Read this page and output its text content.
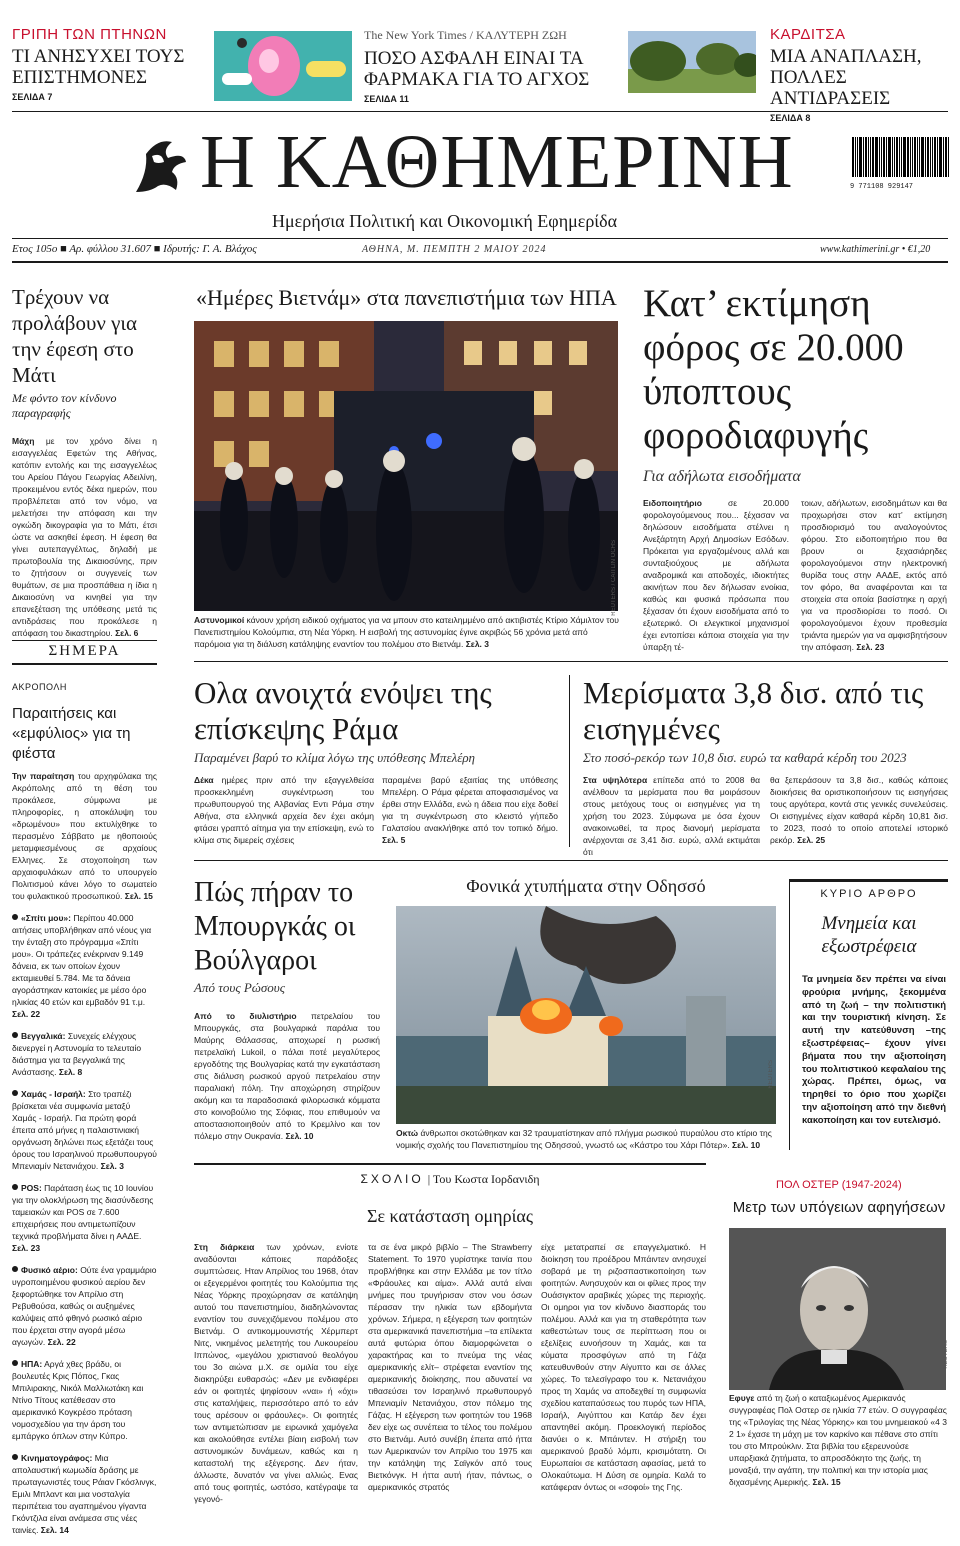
ΓΡΙΠΗ ΤΩΝ ΠΤΗΝΩΝ
ΤΙ ΑΝΗΣΥΧΕΙ ΤΟΥΣ ΕΠΙΣΤΗΜΟΝΕΣ
ΣΕΛΙΔΑ 7
The New York Times / ΚΑΛΥΤΕΡΗ ΖΩΗ
ΠΟΣΟ ΑΣΦΑΛΗ ΕΙΝΑΙ ΤΑ ΦΑΡΜΑΚΑ ΓΙΑ ΤΟ ΑΓΧΟΣ
ΣΕΛΙΔΑ 11
ΚΑΡΔΙΤΣΑ
ΜΙΑ ΑΝΑΠΛΑΣΗ, ΠΟΛΛΕΣ ΑΝΤΙΔΡΑΣΕΙΣ
ΣΕΛΙΔΑ 8
Η ΚΑΘΗΜΕΡΙΝΗ
Ημερήσια Πολιτική και Οικονομική Εφημερίδα
9 771108 929147
Ετος 105ο ■ Αρ. φύλλου 31.607 ■ Ιδρυτής: Γ. Α. Βλάχος	ΑΘΗΝΑ, Μ. ΠΕΜΠΤΗ 2 ΜΑΙΟΥ 2024	www.kathimerini.gr • €1,20
Τρέχουν να προλάβουν για την έφεση στο Μάτι
Με φόντο τον κίνδυνο παραγραφής
Μάχη με τον χρόνο δίνει η εισαγγελέας Εφετών της Αθήνας, κατόπιν εντολής και της εισαγγελέως του Αρείου Πάγου Γεωργίας Αδειλίνη, προκειμένου εντός δέκα ημερών, που προβλέπεται από τον νόμο, να μελετήσει την απόφαση και την ογκώδη δικογραφία για το Μάτι, έτσι ώστε να ασκηθεί έφεση. Η έφεση θα γίνει αυτεπαγγέλτως, δηλαδή με πρωτοβουλία της Δικαιοσύνης, πριν το ζητήσουν οι συγγενείς των θυμάτων, σε μια προσπάθεια η ίδια η Δικαιοσύνη να κινηθεί για την επανεξέταση της υπόθεσης μετά τις αντιδράσεις που προκάλεσε η απόφαση του δικαστηρίου. Σελ. 6
ΣΗΜΕΡΑ
ΑΚΡΟΠΟΛΗ
Παραιτήσεις και «εμφύλιος» για τη φιέστα
Την παραίτηση του αρχηφύλακα της Ακρόπολης από τη θέση του προκάλεσε, σύμφωνα με πληροφορίες, η αποκάλυψη του «δρωμένου» που εκτυλίχθηκε το περασμένο Σάββατο με ηθοποιούς μεταμφιεσμένους σε αρχαίους Ελληνες. Σε στοχοποίηση των αρχαιοφυλάκων από το υπουργείο Πολιτισμού κάνει λόγο το σωματείο του φυλακτικού προσωπικού. Σελ. 15
«Σπίτι μου»: Περίπου 40.000 αιτήσεις υποβλήθηκαν από νέους για την ένταξη στο πρόγραμμα «Σπίτι μου». Οι τράπεζες ενέκριναν 9.149 δάνεια, εκ των οποίων έχουν εκταμιευθεί 5.784. Με τα δάνεια αγοράστηκαν κατοικίες με μέσο όρο ηλικίας 40 ετών και εμβαδόν 91 τ.μ. Σελ. 22
Βεγγαλικά: Συνεχείς ελέγχους διενεργεί η Αστυνομία το τελευταίο διάστημα για τα βεγγαλικά της Ανάστασης. Σελ. 8
Χαμάς - Ισραήλ: Στο τραπέζι βρίσκεται νέα συμφωνία μεταξύ Χαμάς - Ισραήλ. Για πρώτη φορά έπειτα από μήνες η παλαιστινιακή οργάνωση δηλώνει πως εξετάζει τους όρους του Ισραηλινού πρωθυπουργού Μπενιαμίν Νετανιάχου. Σελ. 3
POS: Παράταση έως τις 10 Ιουνίου για την ολοκλήρωση της διασύνδεσης ταμειακών και POS σε 7.600 επιχειρήσεις που αντιμετωπίζουν τεχνικά προβλήματα δίνει η ΑΑΔΕ. Σελ. 23
Φυσικό αέριο: Ούτε ένα γραμμάριο υγροποιημένου φυσικού αερίου δεν ξεφορτώθηκε τον Απρίλιο στη Ρεβυθούσα, καθώς οι αυξημένες καλύψεις από φθηνό ρωσικό αέριο που έρχεται στην αγορά μέσω αγωγών. Σελ. 22
ΗΠΑ: Αργά χθες βράδυ, οι βουλευτές Κρις Πόπος, Γκας Μπιλιρακης, Νικόλ Μαλλιωτάκη και Ντίνο Τίτους κατέθεσαν στο αμερικανικό Κογκρέσο πρόταση νομοσχεδίου για την άρση του εμπάργκο όπλων στην Κύπρο.
Κινηματογράφος: Μια απολαυστική κωμωδία δράσης με πρωταγωνιστές τους Ράιαν Γκόσλινγκ, Εμιλι Μπλαντ και μια νοσταλγία περιπέτεια του αγαπημένου γίγαντα Γκόντζιλα είναι ανάμεσα στις νέες ταινίες. Σελ. 14
«Ημέρες Βιετνάμ» στα πανεπιστήμια των ΗΠΑ
REUTERS / CAITLIN OCHS
Αστυνομικοί κάνουν χρήση ειδικού οχήματος για να μπουν στο κατειλημμένο από ακτιβιστές Κτίριο Χάμιλτον του Πανεπιστημίου Κολούμπια, στη Νέα Υόρκη. Η εισβολή της αστυνομίας έγινε ακριβώς 56 χρόνια μετά από παρόμοια για τη διάλυση κατάληψης εναντίον του πολέμου στο Βιετνάμ. Σελ. 3
Κατ’ εκτίμηση φόρος σε 20.000 ύποπτους φοροδιαφυγής
Για αδήλωτα εισοδήματα
Ειδοποιητήριο σε 20.000 φορολογούμενους που... ξέχασαν να δηλώσουν εισοδήματα στέλνει η Ανεξάρτητη Αρχή Δημοσίων Εσόδων. Πρόκειται για εργαζομένους αλλά και συνταξιούχους με αδήλωτα αναδρομικά και αποδοχές, ιδιοκτήτες ακινήτων που δεν δήλωσαν ενοίκια, καθώς και φυσικά πρόσωπα που ξέχασαν ότι έχουν εισοδήματα από το εξωτερικό. Οι ελεγκτικοί μηχανισμοί έχει εντοπίσει κάποια στοιχεία για την ύπαρξη τέ-
τοιων, αδήλωτων, εισοδημάτων και θα προχωρήσει στον κατ’ εκτίμηση προσδιορισμό του αναλογούντος φόρου. Στο ειδοποιητήριο που θα βρουν οι ξεχασιάρηδες φορολογούμενοι στην ηλεκτρονική θυρίδα τους στην ΑΑΔΕ, εκτός από τον φόρο, θα αναφέρονται και τα στοιχεία στα οποία βασίστηκε η αρχή για να προσδιορίσει το ποσό. Οι φορολογούμενοι έχουν προθεσμία τριάντα ημερών για να αμφισβητήσουν την απόφαση. Σελ. 23
Ολα ανοιχτά ενόψει της επίσκεψης Ράμα
Παραμένει βαρύ το κλίμα λόγω της υπόθεσης Μπελέρη
Δέκα ημέρες πριν από την εξαγγελθείσα προσκεκλημένη συγκέντρωση του πρωθυπουργού της Αλβανίας Εντι Ράμα στην Αθήνα, στα ελληνικά αρχεία δεν έχει ακόμη φτάσει γραπτό αίτημα για την επίσκεψη, ενώ το κλίμα στις διμερείς σχέσεις
παραμένει βαρύ εξαιτίας της υπόθεσης Μπελέρη. Ο Ράμα φέρεται αποφασισμένος να έρθει στην Ελλάδα, ενώ η άδεια που είχε δοθεί για τη συγκέντρωση στο κλειστό γήπεδο Γαλατσίου ανακλήθηκε από τον τοπικό δήμο. Σελ. 5
Μερίσματα 3,8 δισ. από τις εισηγμένες
Στο ποσό-ρεκόρ των 10,8 δισ. ευρώ τα καθαρά κέρδη του 2023
Στα υψηλότερα επίπεδα από το 2008 θα ανέλθουν τα μερίσματα που θα μοιράσουν στους μετόχους τους οι εισηγμένες για τη χρήση του 2023. Σύμφωνα με όσα έχουν ανακοινωθεί, τα προς διανομή μερίσματα ανέρχονται σε 3,41 δισ. ευρώ, αλλά εκτιμάται ότι
θα ξεπεράσουν τα 3,8 δισ., καθώς κάποιες διοικήσεις θα οριστικοποιήσουν τις εισηγήσεις τους αργότερα, κοντά στις γενικές συνελεύσεις. Οι εισηγμένες είχαν καθαρά κέρδη 10,81 δισ. το 2023, ποσό το οποίο αποτελεί ιστορικό ρεκόρ. Σελ. 25
Πώς πήραν το Μπουργκάς οι Βούλγαροι
Από τους Ρώσους
Από το διυλιστήριο πετρελαίου του Μπουργκάς, στα βουλγαρικά παράλια του Μαύρης Θάλασσας, αποχωρεί η ρωσική πετρελαϊκή Lukoil, ο πάλαι ποτέ μεγαλύτερος εργοδότης της Βουλγαρίας κατά την εγκατάσταση στις διάλυση ρωσικού αργού πετρελαίου στην παραλιακή πόλη. Την αποχώρηση στηρίζουν ακόμη και τα παραδοσιακά φιλορωσικά κόμματα στο κοινοβούλιο της Σόφιας, που επιθυμούν να αποστασιοποιηθούν από το Κρεμλίνο και τον πόλεμο στην Ουκρανία. Σελ. 10
Φονικά χτυπήματα στην Οδησσό
REUTERS
Οκτώ άνθρωποι σκοτώθηκαν και 32 τραυματίστηκαν από πλήγμα ρωσικού πυραύλου στο κτίριο της νομικής σχολής του Πανεπιστημίου της Οδησσού, γνωστό ως «Κάστρο του Χάρι Πότερ». Σελ. 10
ΚΥΡΙΟ ΑΡΘΡΟ
Μνημεία και εξωστρέφεια
Τα μνημεία δεν πρέπει να είναι φρούρια μνήμης, ξεκομμένα από τη ζωή – την πολιτιστική και την τουριστική κίνηση. Σε αυτή την κατεύθυνση –της εξωστρέφειας– έχουν γίνει βήματα που την αξιοποίηση του πολιτιστικού κεφαλαίου της χώρας. Πρέπει, όμως, να τηρηθεί το όριο που χωρίζει την αξιοποίηση από την διεθνή κακοποίηση και τον ευτελισμό.
ΣΧΟΛΙΟ | Του Κωστα Ιορδανιδη
Σε κατάσταση ομηρίας
Στη διάρκεια των χρόνων, ενίοτε αναδύονται κάποιες παράδοξες συμπτώσεις. Ηταν Απρίλιος του 1968, όταν οι εξεγερμένοι φοιτητές του Κολούμπια της Νέας Υόρκης προχώρησαν σε κατάληψη αυτού του πανεπιστημίου, διαδηλώνοντας εναντίον του συνεχιζόμενου πολέμου στο Βιετνάμ. Ο αντικομμουνιστής Χέρμπερτ Νιτς, νικημένος μελετητής του Λυκουρείου Ιππώνος, «μεγάλου χριστιανού θεολόγου του 3ο αιώνα μ.Χ. σε ομιλία του είχε διακηρύξει ευθαρσώς: «Δεν με ενδιαφέρει εάν οι φοιτητές ψηφίσουν «ναι» ή «όχι» στις καταλήψεις, περισσότερο από το εάν τους αρέσουν οι φράουλες». Οι φοιτητές των αντιμετώπισαν με ειρωνικά χαμόγελα και ακολούθησε εντέλει βίαιη εισβολή των αστυνομικών δυνάμεων, καθώς και η καταστολή της εξέγερσης. Δεν ήταν, άλλωστε, δυνατόν να γίνει αλλιώς. Ενας από τους φοιτητές, ωστόσο, κατέγραψε τα γεγονό-
τα σε ένα μικρό βιβλίο – The Strawberry Statement. Το 1970 γυρίστηκε ταινία που προβλήθηκε και στην Ελλάδα με τον τίτλο «Φράουλες και αίμα». Αλλά αυτά είναι μνήμες που τρυγήρισαν στον νου όσων πέρασαν την ηλικία των εβδομήντα χρόνων. Σήμερα, η εξέγερση των φοιτητών στα αμερικανικά πανεπιστήμια –τα επίλεκτα αυτά φυτώρια όπου διαμορφώνεται ο χαρακτήρας και το πνεύμα της νέας αμερικανικής ελίτ– στρέφεται εναντίον της αμερικανικής διοίκησης, που αδυνατεί να τιθασεύσει τον Ισραηλινό πρωθυπουργό Μπενιαμίν Νετανιάχου, στον πόλεμο της Γάζας. Η εξέγερση των φοιτητών του 1968 δεν είχε ως συνέπεια το τέλος του πολέμου στο Βιετνάμ. Αυτό συνέβη έπειτα από ήττα των Αμερικανών τον Απρίλιο του 1975 και την κατάληψη της Σαϊγκόν από τους Βιετκόνγκ. Η ήττα αυτή ήταν, πάντως, ο αμερικανικός στρατός
είχε μετατραπεί σε επαγγελματικό. Η διοίκηση του προέδρου Μπάιντεν ανησυχεί σοβαρά με τη ριζοσπαστικοποίηση των φοιτητών. Ανησυχούν και οι φίλιες προς την Ουάσιγκτον αραβικές χώρες της περιοχής. Οι ομηροι για τον κίνδυνο διασποράς του πολέμου. Αλλά και για τη σταθερότητα των καθεστώτων τους σε περίπτωση που οι εξελίξεις ευνοήσουν τη Χαμάς, και τα κύματα προσφύγων από τη Γάζα κατευθυνθούν στην Αίγυπτο και σε άλλες χώρες. Το τελεσίγραφο του κ. Νετανιάχου προς τη Χαμάς να αποδεχθεί τη συμφωνία σχεδίου καταπαύσεως του πυρός των ΗΠΑ, Ισραήλ, Αιγύπτου και Κατάρ δεν έχει απαντηθεί ακόμη. Προεκλογική περίοδος διανύει ο κ. Μπάιντεν. Η στήριξη του αμερικανού βραδύ λόμπι, κρισιμότατη. Οι Ευρωπαίοι σε κατάσταση αφασίας, μετά το Ολοκαύτωμα. Η Δύση σε ομηρία. Καλά το κατάφεραν όντως οι «σοφοί» της Γης.
ΠΟΛ ΟΣΤΕΡ (1947-2024)
Μετρ των υπόγειων αφηγήσεων
REUTERS
Εφυγε από τη ζωή ο καταξιωμένος Αμερικανός συγγραφέας Πολ Οστερ σε ηλικία 77 ετών. Ο συγγραφέας της «Τριλογίας της Νέας Υόρκης» και του μνημειακού «4 3 2 1» έχασε τη μάχη με τον καρκίνο και πέθανε στο σπίτι του στο Μπρούκλιν. Στα βιβλία του εξερευνούσε υπαρξιακά ζητήματα, το απροσδόκητο της ζωής, τη μοναξιά, την αγάπη, την πολιτική και την ιστορία μιας διχασμένης Αμερικής. Σελ. 15
